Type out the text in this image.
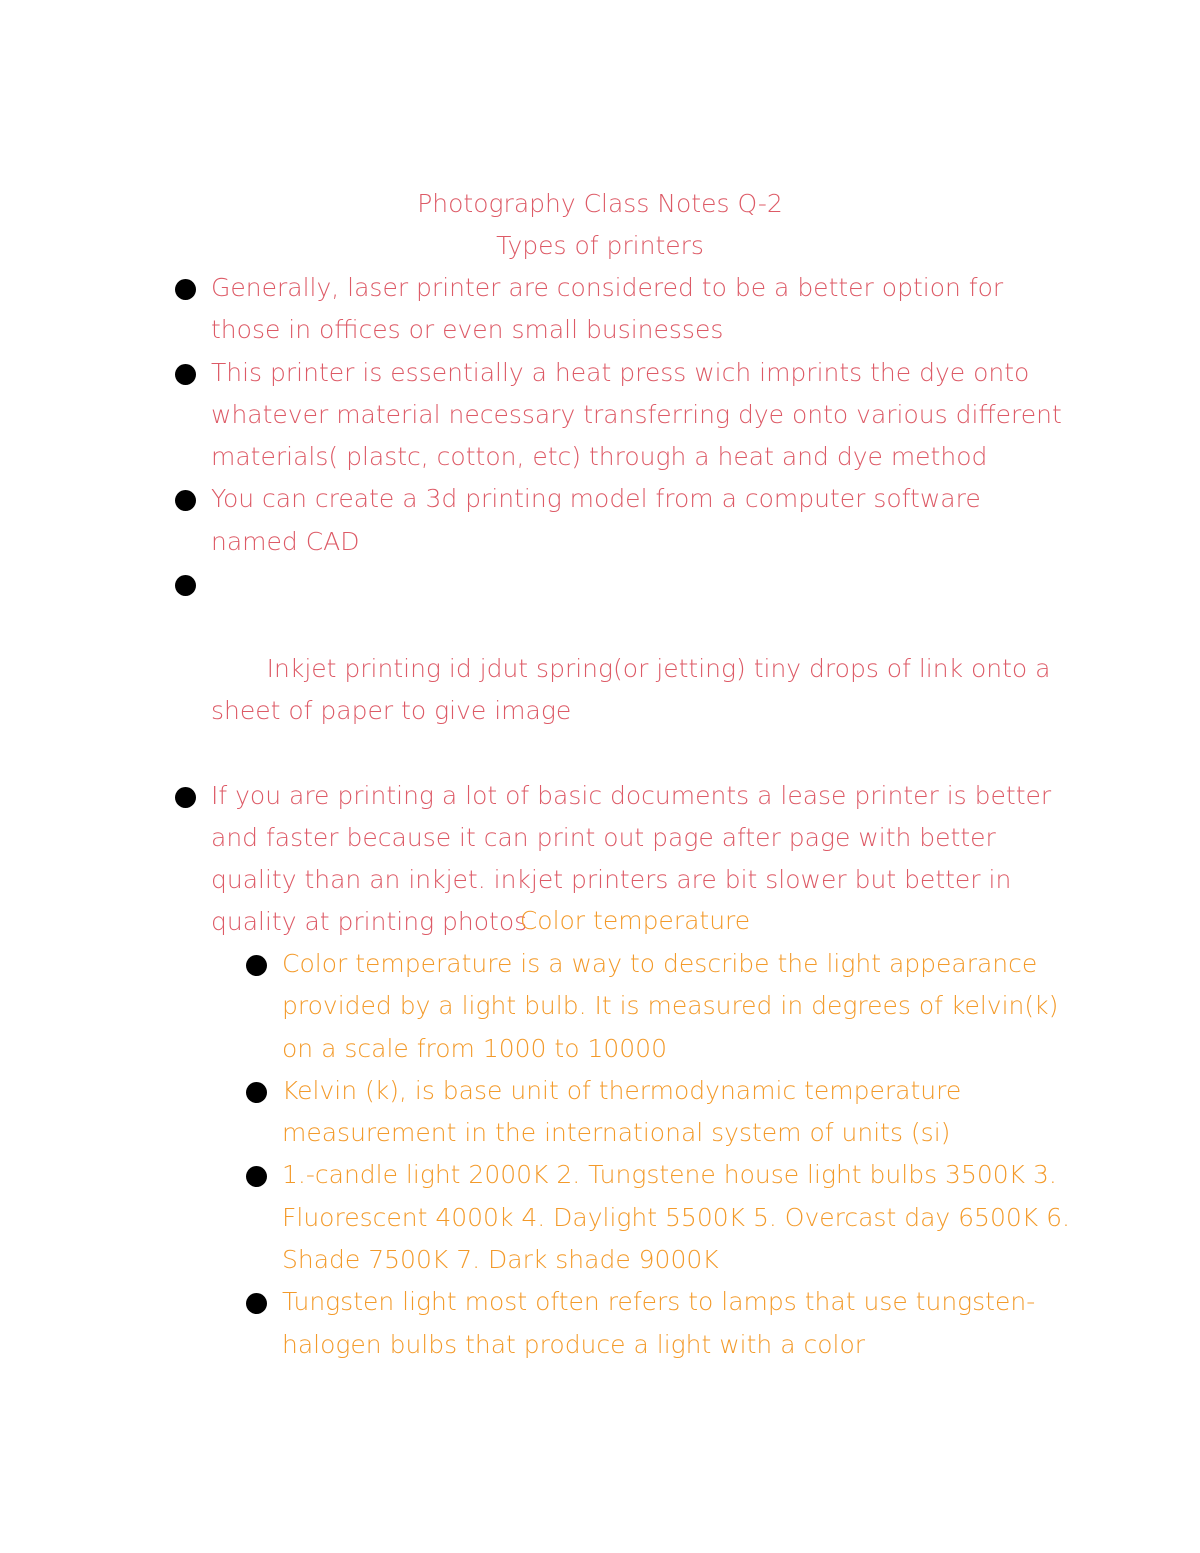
Photography Class Notes Q-2
Types of printers
Generally, laser printer are considered to be a better option for those in offices or even small businesses
This printer is essentially a heat press wich imprints the dye onto whatever material necessary transferring dye onto various different materials( plastc, cotton, etc) through a heat and dye method
You can create a 3d printing model from a computer software named CAD

Inkjet printing id jdut spring(or jetting) tiny drops of link onto a sheet of paper to give image

If you are printing a lot of basic documents a lease printer is better and faster because it can print out page after page with better quality than an inkjet. inkjet printers are bit slower but better in quality at printing photos
Color temperature
Color temperature is a way to describe the light appearance provided by a light bulb. It is measured in degrees of kelvin(k) on a scale from 1000 to 10000
Kelvin (k), is base unit of thermodynamic temperature measurement in the international system of units (si)
1.-candle light 2000K 2. Tungstene house light bulbs 3500K 3. Fluorescent 4000k 4. Daylight 5500K 5. Overcast day 6500K 6. Shade 7500K 7. Dark shade 9000K
Tungsten light most often refers to lamps that use tungsten-halogen bulbs that produce a light with a color
